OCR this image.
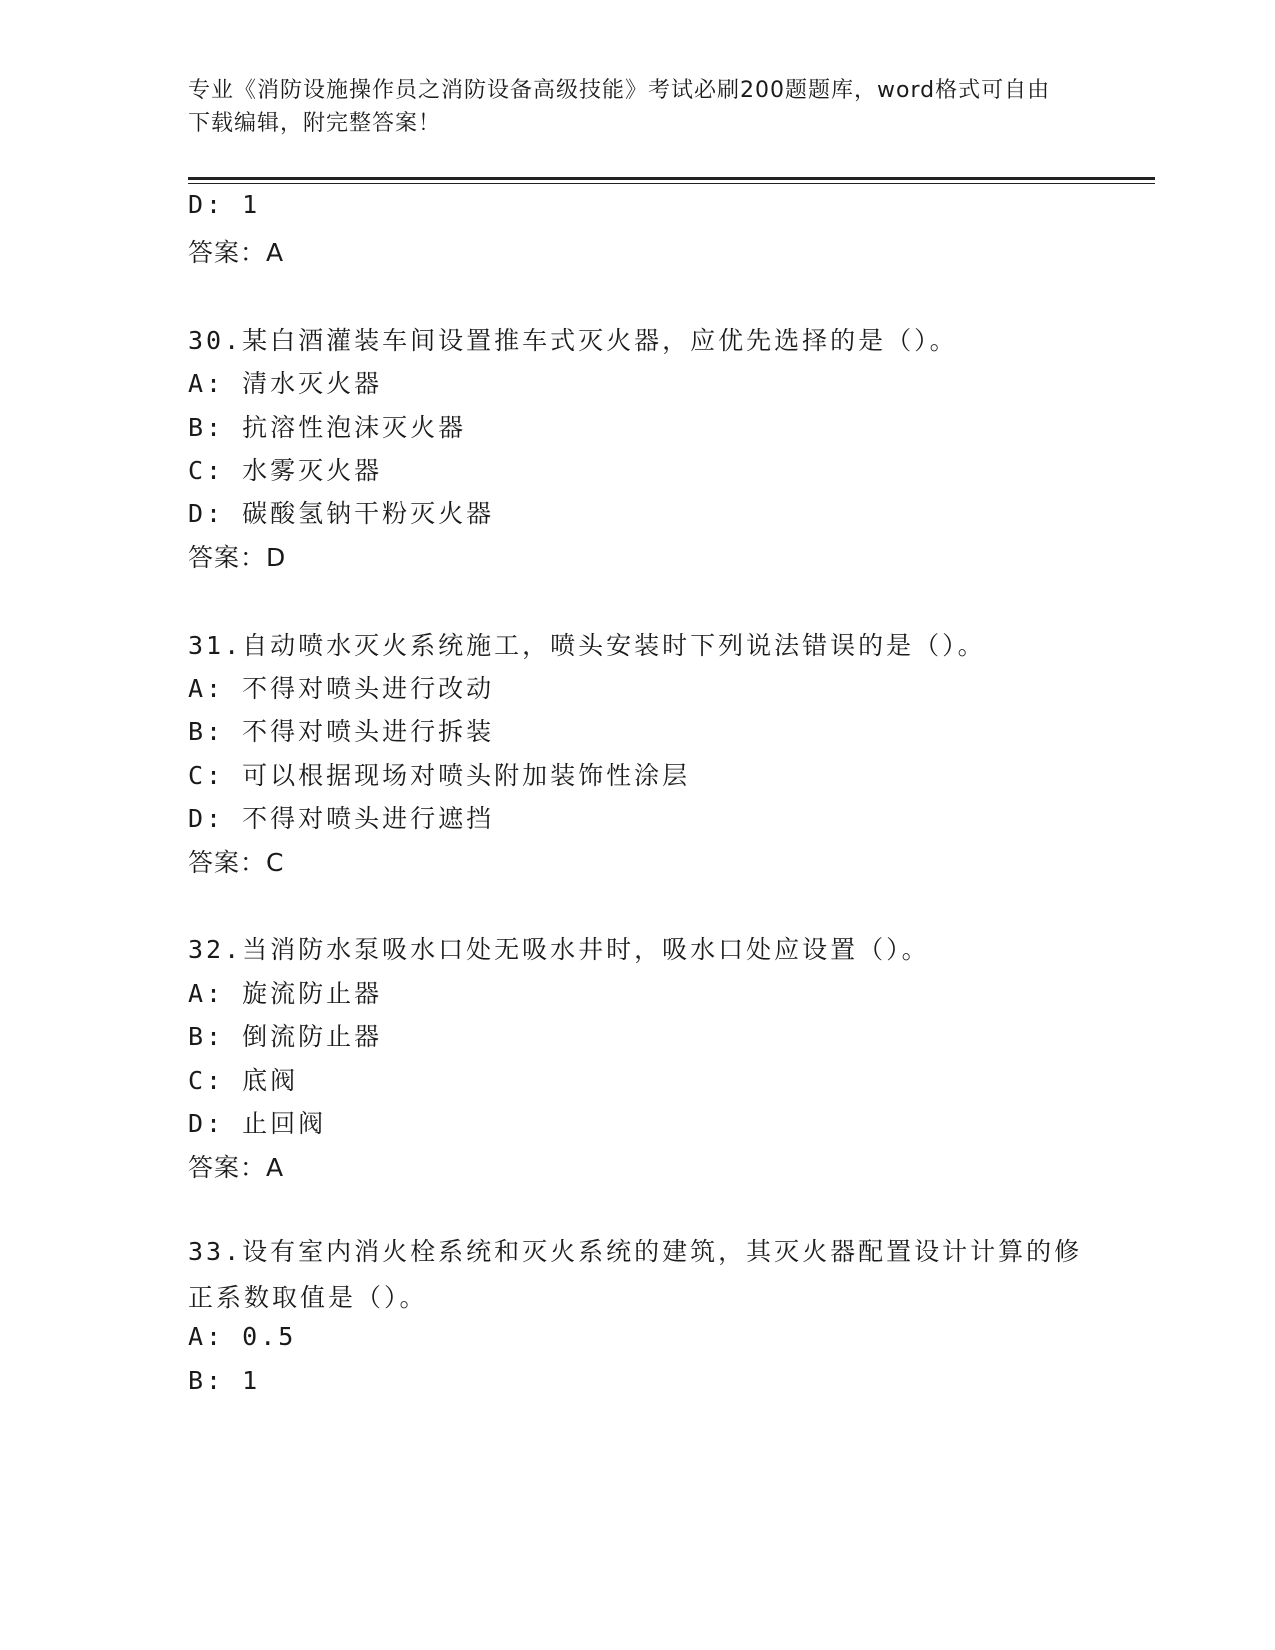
专业《消防设施操作员之消防设备高级技能》考试必刷200题题库，word格式可自由下载编辑，附完整答案！
D: 1
答案：A
30.某白酒灌装车间设置推车式灭火器，应优先选择的是（）。
A: 清水灭火器
B: 抗溶性泡沫灭火器
C: 水雾灭火器
D: 碳酸氢钠干粉灭火器
答案：D
31.自动喷水灭火系统施工，喷头安装时下列说法错误的是（）。
A: 不得对喷头进行改动
B: 不得对喷头进行拆装
C: 可以根据现场对喷头附加装饰性涂层
D: 不得对喷头进行遮挡
答案：C
32.当消防水泵吸水口处无吸水井时，吸水口处应设置（）。
A: 旋流防止器
B: 倒流防止器
C: 底阀
D: 止回阀
答案：A
33.设有室内消火栓系统和灭火系统的建筑，其灭火器配置设计计算的修正系数取值是（）。
A: 0.5
B: 1
